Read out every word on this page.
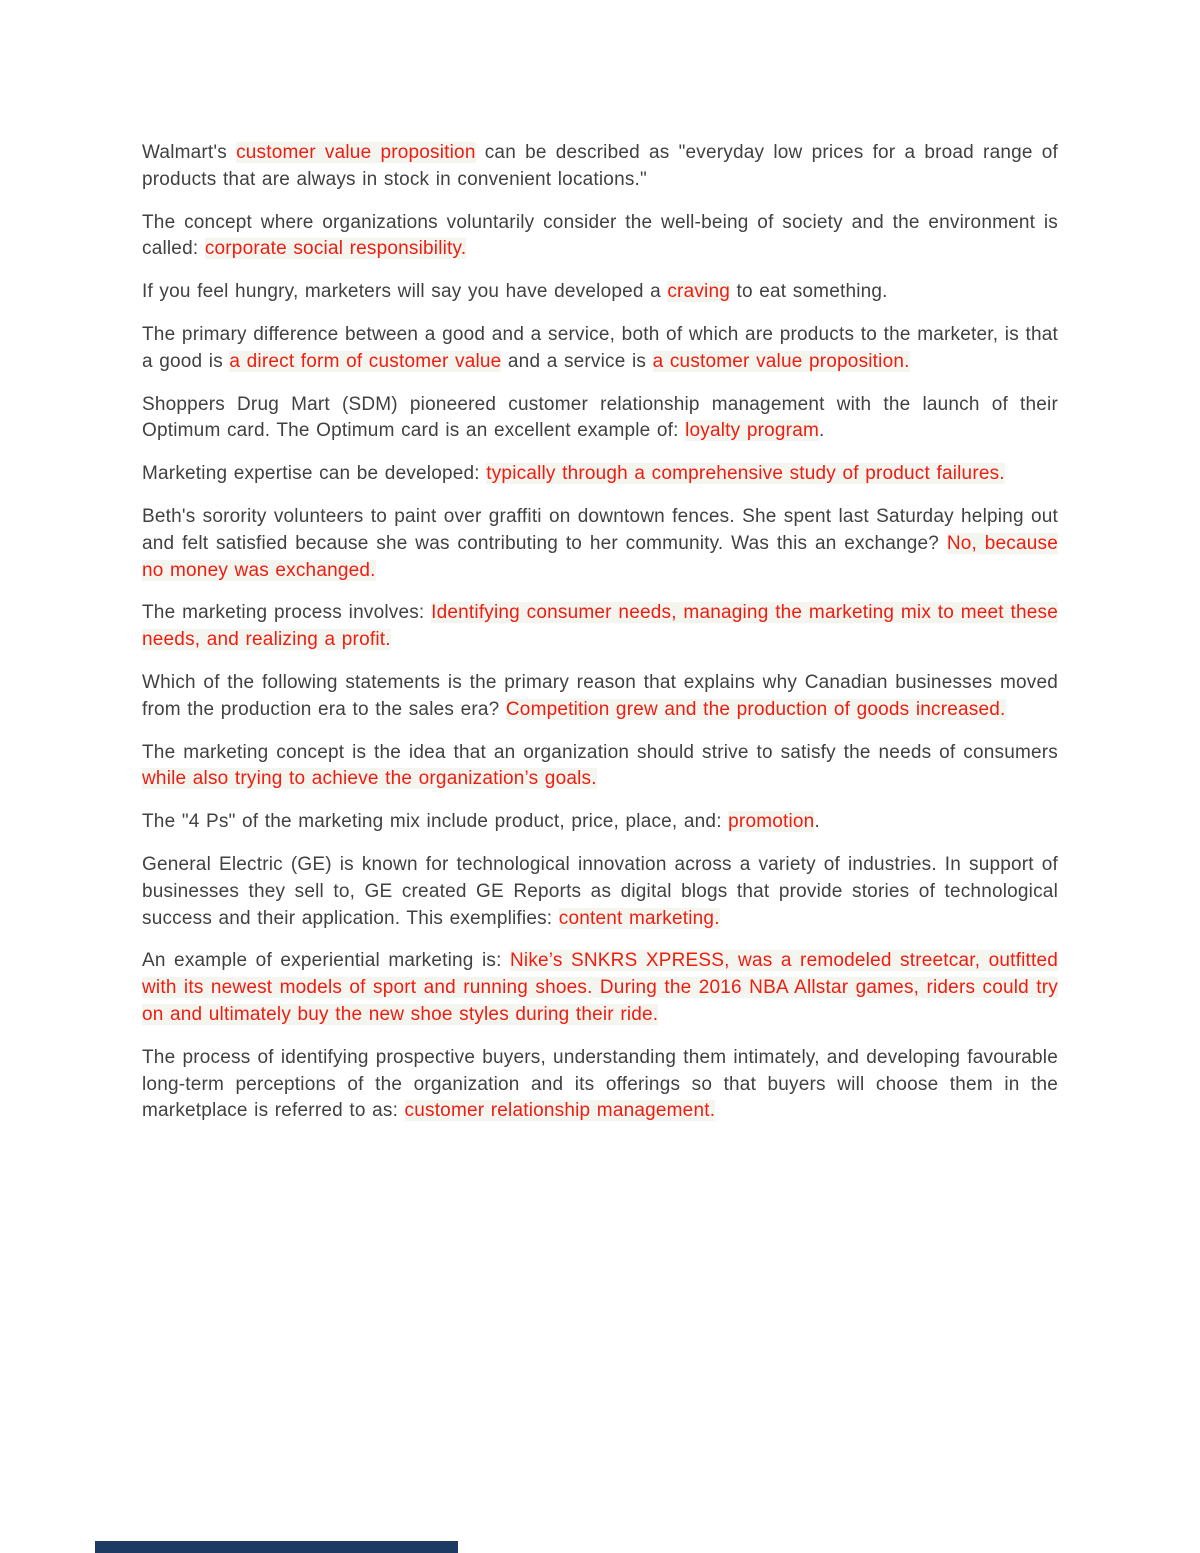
Walmart's customer value proposition can be described as "everyday low prices for a broad range of products that are always in stock in convenient locations."

The concept where organizations voluntarily consider the well-being of society and the environment is called: corporate social responsibility.

If you feel hungry, marketers will say you have developed a craving to eat something.

The primary difference between a good and a service, both of which are products to the marketer, is that a good is a direct form of customer value and a service is a customer value proposition.

Shoppers Drug Mart (SDM) pioneered customer relationship management with the launch of their Optimum card. The Optimum card is an excellent example of: loyalty program.

Marketing expertise can be developed: typically through a comprehensive study of product failures.

Beth's sorority volunteers to paint over graffiti on downtown fences. She spent last Saturday helping out and felt satisfied because she was contributing to her community. Was this an exchange? No, because no money was exchanged.

The marketing process involves: Identifying consumer needs, managing the marketing mix to meet these needs, and realizing a profit.

Which of the following statements is the primary reason that explains why Canadian businesses moved from the production era to the sales era? Competition grew and the production of goods increased.

The marketing concept is the idea that an organization should strive to satisfy the needs of consumers while also trying to achieve the organization’s goals.

The "4 Ps" of the marketing mix include product, price, place, and: promotion.

General Electric (GE) is known for technological innovation across a variety of industries. In support of businesses they sell to, GE created GE Reports as digital blogs that provide stories of technological success and their application. This exemplifies: content marketing.

An example of experiential marketing is: Nike’s SNKRS XPRESS, was a remodeled streetcar, outfitted with its newest models of sport and running shoes. During the 2016 NBA Allstar games, riders could try on and ultimately buy the new shoe styles during their ride.

The process of identifying prospective buyers, understanding them intimately, and developing favourable long-term perceptions of the organization and its offerings so that buyers will choose them in the marketplace is referred to as: customer relationship management.
